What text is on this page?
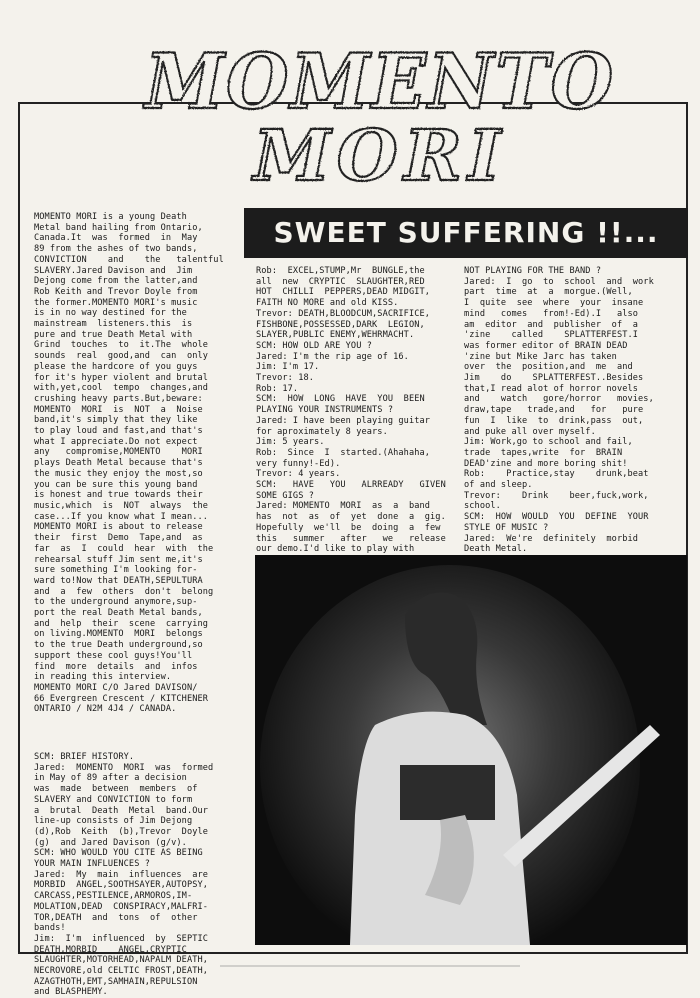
MOMENTO
MORI
SWEET SUFFERING !!...
MOMENTO MORI is a young Death
Metal band hailing from Ontario,
Canada.It  was  formed  in  May
89 from the ashes of two bands,
CONVICTION    and    the   talentful
SLAVERY.Jared Davison and  Jim
Dejong come from the latter,and
Rob Keith and Trevor Doyle from
the former.MOMENTO MORI's music
is in no way destined for the
mainstream  listeners.this  is
pure and true Death Metal with
Grind  touches  to  it.The  whole
sounds  real  good,and  can  only
please the hardcore of you guys
for it's hyper violent and brutal
with,yet,cool  tempo  changes,and
crushing heavy parts.But,beware:
MOMENTO  MORI  is  NOT  a  Noise
band,it's simply that they like
to play loud and fast,and that's
what I appreciate.Do not expect
any   compromise,MOMENTO    MORI
plays Death Metal because that's
the music they enjoy the most,so
you can be sure this young band
is honest and true towards their
music,which  is  NOT  always  the
case...If you know what I mean...
MOMENTO MORI is about to release
their  first  Demo  Tape,and  as
far  as  I  could  hear  with  the
rehearsal stuff Jim sent me,it's
sure something I'm looking for-
ward to!Now that DEATH,SEPULTURA
and  a  few  others  don't  belong
to the underground anymore,sup-
port the real Death Metal bands,
and  help  their  scene  carrying
on living.MOMENTO  MORI  belongs
to the true Death underground,so
support these cool guys!You'll
find  more  details  and  infos
in reading this interview.
MOMENTO MORI C/O Jared DAVISON/
66 Evergreen Crescent / KITCHENER
ONTARIO / N2M 4J4 / CANADA.
SCM: BRIEF HISTORY.
Jared:  MOMENTO  MORI  was  formed
in May of 89 after a decision
was  made  between  members  of
SLAVERY and CONVICTION to form
a  brutal  Death  Metal  band.Our
line-up consists of Jim Dejong
(d),Rob  Keith  (b),Trevor  Doyle
(g)  and Jared Davison (g/v).
SCM: WHO WOULD YOU CITE AS BEING
YOUR MAIN INFLUENCES ?
Jared:  My  main  influences  are
MORBID  ANGEL,SOOTHSAYER,AUTOPSY,
CARCASS,PESTILENCE,ARMOROS,IM-
MOLATION,DEAD  CONSPIRACY,MALFRI-
TOR,DEATH  and  tons  of  other
bands!
Jim:  I'm  influenced  by  SEPTIC
DEATH,MORBID    ANGEL,CRYPTIC
SLAUGHTER,MOTORHEAD,NAPALM DEATH,
NECROVORE,old CELTIC FROST,DEATH,
AZAGTHOTH,EMT,SAMHAIN,REPULSION
and BLASPHEMY.
Rob:  EXCEL,STUMP,Mr  BUNGLE,the
all  new  CRYPTIC  SLAUGHTER,RED
HOT  CHILLI  PEPPERS,DEAD MIDGIT,
FAITH NO MORE and old KISS.
Trevor: DEATH,BLOODCUM,SACRIFICE,
FISHBONE,POSSESSED,DARK  LEGION,
SLAYER,PUBLIC ENEMY,WEHRMACHT.
SCM: HOW OLD ARE YOU ?
Jared: I'm the rip age of 16.
Jim: I'm 17.
Trevor: 18.
Rob: 17.
SCM:  HOW  LONG  HAVE  YOU  BEEN
PLAYING YOUR INSTRUMENTS ?
Jared: I have been playing guitar
for aproximately 8 years.
Jim: 5 years.
Rob:  Since  I  started.(Ahahaha,
very funny!-Ed).
Trevor: 4 years.
SCM:   HAVE   YOU   ALRREADY   GIVEN
SOME GIGS ?
Jared: MOMENTO  MORI  as  a  band
has  not  as  of  yet  done  a  gig.
Hopefully  we'll  be  doing  a  few
this   summer   after   we   release
our demo.I'd like to play with

NOT PLAYING FOR THE BAND ?
Jared:  I  go  to  school  and  work
part  time  at  a  morgue.(Well,
I  quite  see  where  your  insane
mind   comes   from!-Ed).I   also
am  editor  and  publisher  of  a
'zine    called    SPLATTERFEST.I
was former editor of BRAIN DEAD
'zine but Mike Jarc has taken
over  the  position,and  me  and
Jim    do    SPLATTERFEST..Besides
that,I read alot of horror novels
and    watch   gore/horror   movies,
draw,tape   trade,and   for   pure
fun  I  like  to  drink,pass  out,
and puke all over myself.
Jim: Work,go to school and fail,
trade  tapes,write  for  BRAIN
DEAD'zine and more boring shit!
Rob:    Practice,stay    drunk,beat
of and sleep.
Trevor:    Drink    beer,fuck,work,
school.
SCM:  HOW  WOULD  YOU  DEFINE  YOUR
STYLE OF MUSIC ?
Jared:  We're  definitely  morbid
Death Metal.
